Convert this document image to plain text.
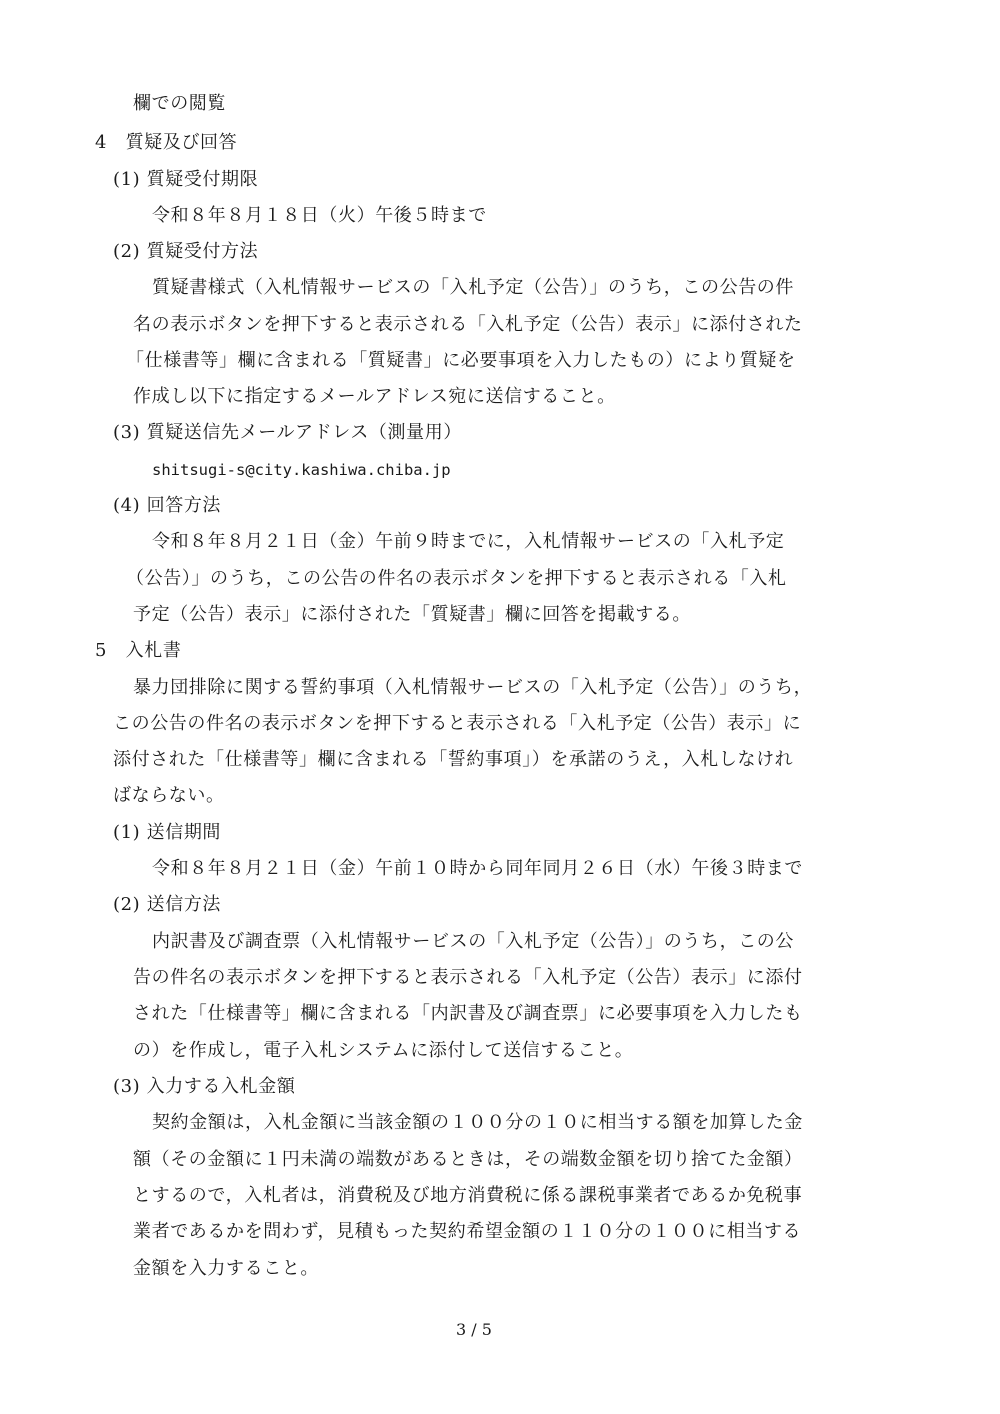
欄での閲覧
4　質疑及び回答
(1) 質疑受付期限
令和８年８月１８日（火）午後５時まで
(2) 質疑受付方法
質疑書様式（入札情報サービスの「入札予定（公告）」のうち，この公告の件
名の表示ボタンを押下すると表示される「入札予定（公告）表示」に添付された
「仕様書等」欄に含まれる「質疑書」に必要事項を入力したもの）により質疑を
作成し以下に指定するメールアドレス宛に送信すること。
(3) 質疑送信先メールアドレス（測量用）
shitsugi-s@city.kashiwa.chiba.jp
(4) 回答方法
令和８年８月２１日（金）午前９時までに，入札情報サービスの「入札予定
（公告）」のうち，この公告の件名の表示ボタンを押下すると表示される「入札
予定（公告）表示」に添付された「質疑書」欄に回答を掲載する。
5　入札書
暴力団排除に関する誓約事項（入札情報サービスの「入札予定（公告）」のうち，
この公告の件名の表示ボタンを押下すると表示される「入札予定（公告）表示」に
添付された「仕様書等」欄に含まれる「誓約事項」）を承諾のうえ，入札しなけれ
ばならない。
(1) 送信期間
令和８年８月２１日（金）午前１０時から同年同月２６日（水）午後３時まで
(2) 送信方法
内訳書及び調査票（入札情報サービスの「入札予定（公告）」のうち，この公
告の件名の表示ボタンを押下すると表示される「入札予定（公告）表示」に添付
された「仕様書等」欄に含まれる「内訳書及び調査票」に必要事項を入力したも
の）を作成し，電子入札システムに添付して送信すること。
(3) 入力する入札金額
契約金額は，入札金額に当該金額の１００分の１０に相当する額を加算した金
額（その金額に１円未満の端数があるときは，その端数金額を切り捨てた金額）
とするので，入札者は，消費税及び地方消費税に係る課税事業者であるか免税事
業者であるかを問わず，見積もった契約希望金額の１１０分の１００に相当する
金額を入力すること。
3 / 5
